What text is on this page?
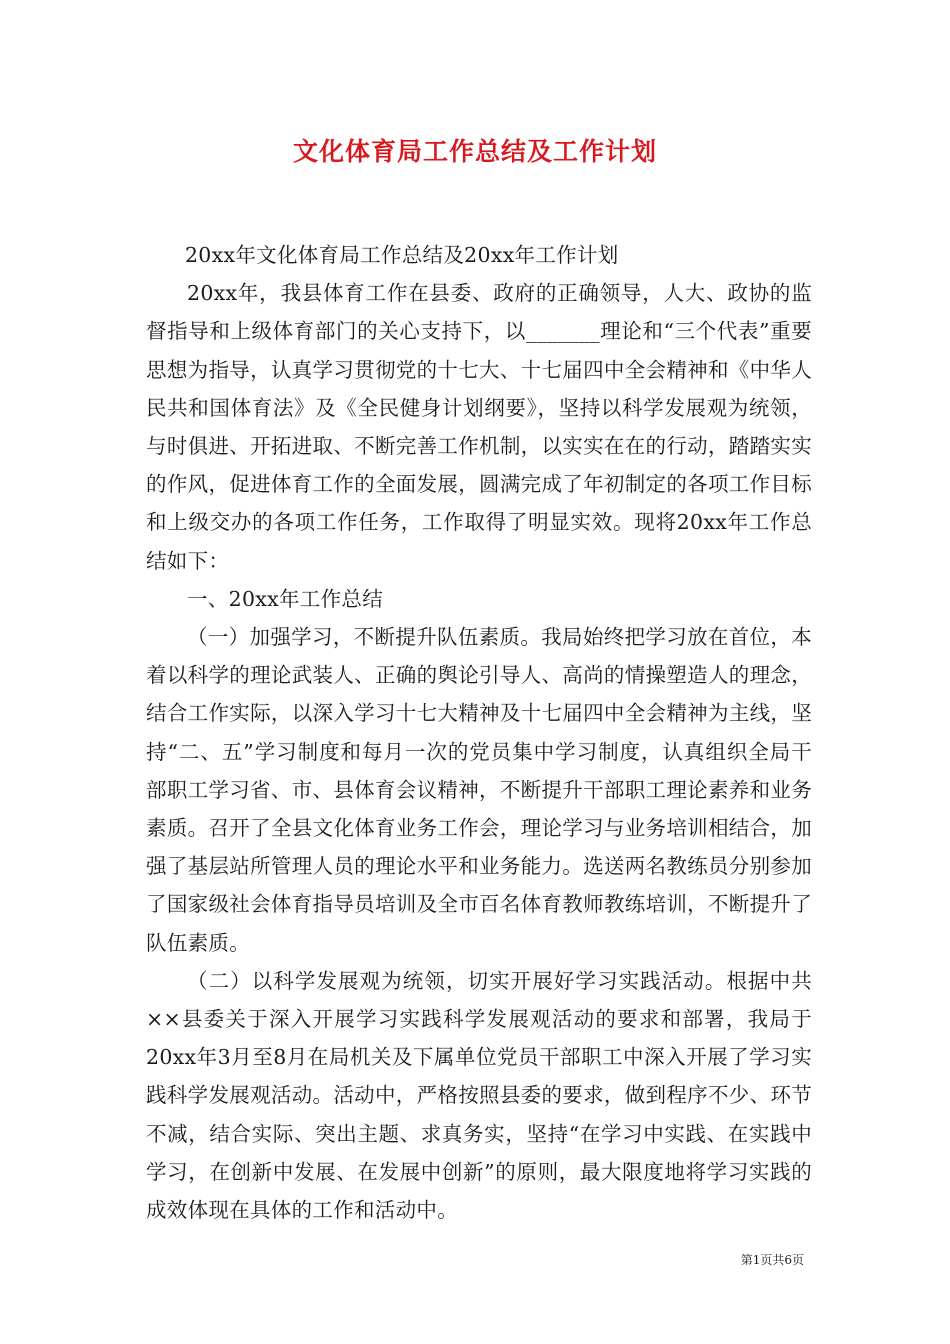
文化体育局工作总结及工作计划

20xx年文化体育局工作总结及20xx年工作计划

20xx年，我县体育工作在县委、政府的正确领导，人大、政协的监督指导和上级体育部门的关心支持下，以_______理论和“三个代表”重要思想为指导，认真学习贯彻党的十七大、十七届四中全会精神和《中华人民共和国体育法》及《全民健身计划纲要》，坚持以科学发展观为统领，与时俱进、开拓进取、不断完善工作机制，以实实在在的行动，踏踏实实的作风，促进体育工作的全面发展，圆满完成了年初制定的各项工作目标和上级交办的各项工作任务，工作取得了明显实效。现将20xx年工作总结如下：

一、20xx年工作总结

（一）加强学习，不断提升队伍素质。我局始终把学习放在首位，本着以科学的理论武装人、正确的舆论引导人、高尚的情操塑造人的理念，结合工作实际，以深入学习十七大精神及十七届四中全会精神为主线，坚持“二、五”学习制度和每月一次的党员集中学习制度，认真组织全局干部职工学习省、市、县体育会议精神，不断提升干部职工理论素养和业务素质。召开了全县文化体育业务工作会，理论学习与业务培训相结合，加强了基层站所管理人员的理论水平和业务能力。选送两名教练员分别参加了国家级社会体育指导员培训及全市百名体育教师教练培训，不断提升了队伍素质。

（二）以科学发展观为统领，切实开展好学习实践活动。根据中共××县委关于深入开展学习实践科学发展观活动的要求和部署，我局于20xx年3月至8月在局机关及下属单位党员干部职工中深入开展了学习实践科学发展观活动。活动中，严格按照县委的要求，做到程序不少、环节不减，结合实际、突出主题、求真务实，坚持“在学习中实践、在实践中学习，在创新中发展、在发展中创新”的原则，最大限度地将学习实践的成效体现在具体的工作和活动中。

第1页共6页
